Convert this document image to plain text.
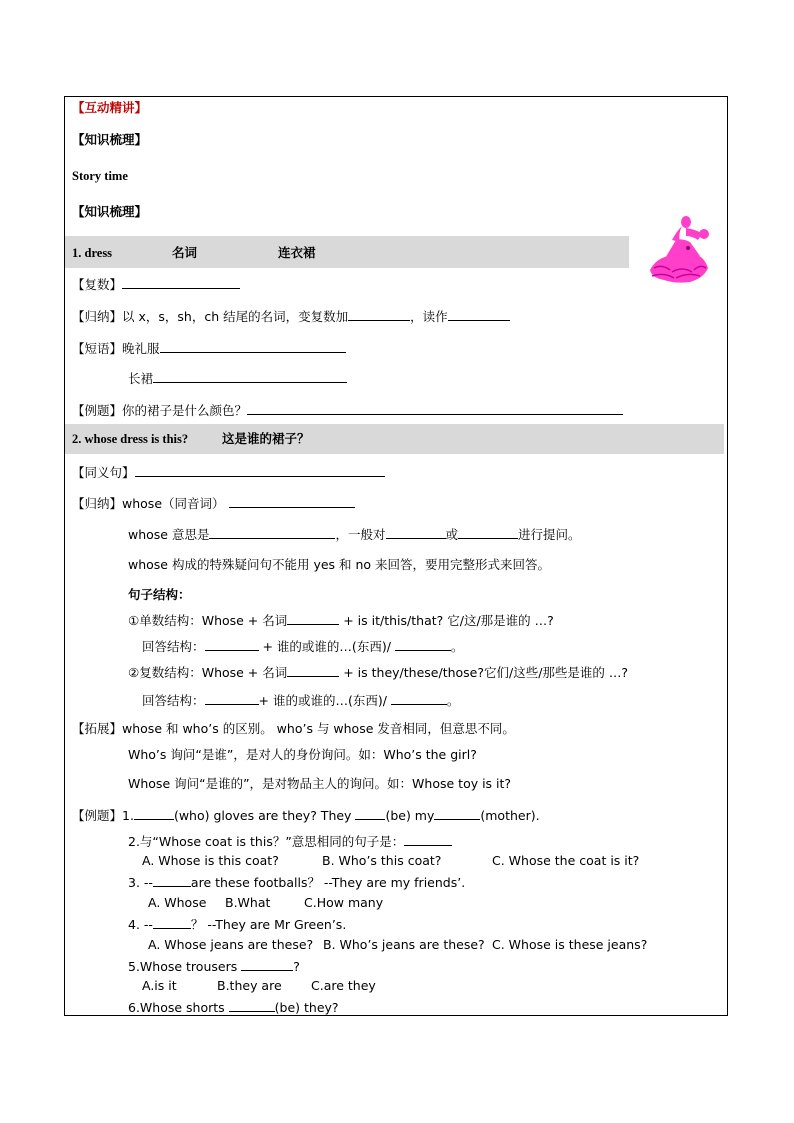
【互动精讲】
【知识梳理】
Story time
【知识梳理】
1. dress	名词	连衣裙
【复数】
【归纳】以 x，s，sh，ch 结尾的名词，变复数加	，读作
【短语】晚礼服
长裙
【例题】你的裙子是什么颜色？
2. whose dress is this?	这是谁的裙子？
【同义句】
【归纳】whose（同音词）
whose 意思是	，一般对	或	进行提问。
whose 构成的特殊疑问句不能用 yes 和 no 来回答，要用完整形式来回答。
句子结构：
①单数结构：Whose + 名词	+ is it/this/that? 它/这/那是谁的 …?
回答结构：	+ 谁的或谁的…(东西)/	。
②复数结构：Whose + 名词	+ is they/these/those?它们/这些/那些是谁的 …?
回答结构：	+ 谁的或谁的…(东西)/	。
【拓展】whose 和 who’s 的区别。 who’s 与 whose 发音相同，但意思不同。
Who’s 询问“是谁”，是对人的身份询问。如：Who’s the girl?
Whose 询问“是谁的”，是对物品主人的询问。如：Whose toy is it?
【例题】1.	(who) gloves are they? They (be) my	(mother).
2.与“Whose coat is this？”意思相同的句子是：
A. Whose is this coat?	B. Who’s this coat?	C. Whose the coat is it?
3. --	are these footballs？ --They are my friends’.
A. Whose B.What	C.How many
4. --	？ --They are Mr Green’s.
A. Whose jeans are these? B. Who’s jeans are these? C. Whose is these jeans?
5.Whose trousers	?
A.is it	B.they are C.are they
6.Whose shorts	(be) they?
